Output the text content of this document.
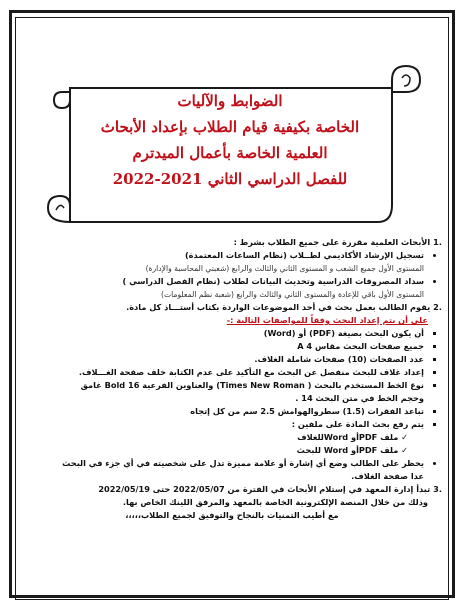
الضوابط والآليات

الخاصة بكيفية قيام الطلاب بإعداد الأبحاث

العلمية الخاصة بأعمال الميدترم

للفصل الدراسي الثاني 2021-2022

.1
الأبحاث العلمية مقررة على جميع الطلاب بشرط :
• تسجيل الإرشاد الأكاديمي لطــلاب (نظام الساعات المعتمدة)

المستوى الأول جميع الشعب و المستوى الثاني والثالث والرابع (شعبتي المحاسبة والإدارة)

• سداد المصروفات الدراسية وتحديث البيانات لطلاب (نظام الفصل الدراسي )

المستوى الأول باقي للإعادة والمستوى الثاني والثالث والرابع (شعبة نظم المعلومات)

.2
يقوم الطالب بعمل بحث في أحد الموضوعات الواردة بكتاب أستـــاذ كل مادة.

على أن يتم إعداد البحث وفقاً للمواصفات التالية :-

▪ أن يكون البحث بصيغة (PDF) أو (Word)
▪ جميع صفحات البحث مقاس A 4
▪ عدد الصفحات (10) صفحات شاملة الغلاف.
▪ إعداد غلاف للبحث منفصل عن البحث مع التأكيد على عدم الكتابة خلف صفحة الغـــلاف.
▪ نوع الخط المستخدم بالبحث ( Times New Roman) والعناوين الفرعية Bold 16 غامق
وحجم الخط في متن البحث 14 .
▪ تباعد الفقرات (1.5) سطروالهوامش 2.5 سم من كل إتجاه
▪ يتم رفع بحث المادة على ملفين :
✓ ملف PDFأو Wordللغلاف
✓ ملف PDFأو Word للبحث
• يحظر على الطالب وضع أي إشارة أو علامة مميزة تدل على شخصيته في أي جزء في البحث
عدا صفحة الغلاف.
.3
تبدأ إدارة المعهد في إستلام الأبحاث في الفترة من 2022/05/07 حتى 2022/05/19

وذلك من خلال المنصة الإلكترونية الخاصة بالمعهد والمرفق اللينك الخاص بها.

مع أطيب التمنيات بالنجاح والتوفيق لجميع الطلاب،،،،،
